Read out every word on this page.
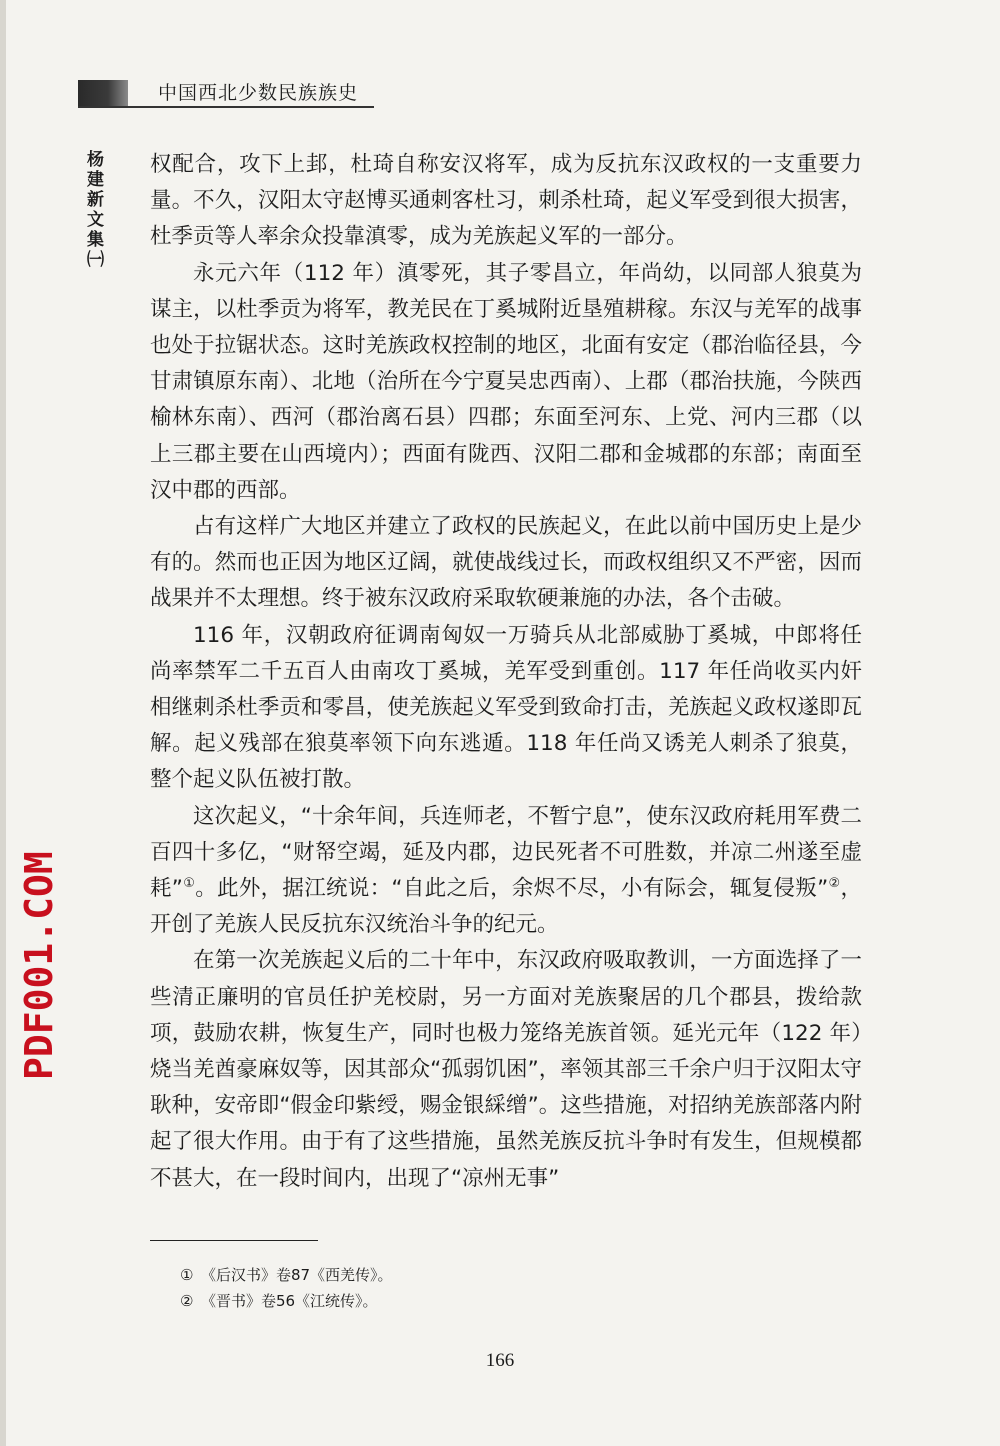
中国西北少数民族族史
杨建新文集㈠
PDF001.COM

权配合，攻下上邽，杜琦自称安汉将军，成为反抗东汉政权的一支重要力量。不久，汉阳太守赵博买通刺客杜习，刺杀杜琦，起义军受到很大损害，杜季贡等人率余众投靠滇零，成为羌族起义军的一部分。

永元六年（112 年）滇零死，其子零昌立，年尚幼，以同部人狼莫为谋主，以杜季贡为将军，教羌民在丁奚城附近垦殖耕稼。东汉与羌军的战事也处于拉锯状态。这时羌族政权控制的地区，北面有安定（郡治临径县，今甘肃镇原东南）、北地（治所在今宁夏吴忠西南）、上郡（郡治扶施，今陕西榆林东南）、西河（郡治离石县）四郡；东面至河东、上党、河内三郡（以上三郡主要在山西境内）；西面有陇西、汉阳二郡和金城郡的东部；南面至汉中郡的西部。

占有这样广大地区并建立了政权的民族起义，在此以前中国历史上是少有的。然而也正因为地区辽阔，就使战线过长，而政权组织又不严密，因而战果并不太理想。终于被东汉政府采取软硬兼施的办法，各个击破。

116 年，汉朝政府征调南匈奴一万骑兵从北部威胁丁奚城，中郎将任尚率禁军二千五百人由南攻丁奚城，羌军受到重创。117 年任尚收买内奸相继刺杀杜季贡和零昌，使羌族起义军受到致命打击，羌族起义政权遂即瓦解。起义残部在狼莫率领下向东逃遁。118 年任尚又诱羌人刺杀了狼莫，整个起义队伍被打散。

这次起义，“十余年间，兵连师老，不暂宁息”，使东汉政府耗用军费二百四十多亿，“财帑空竭，延及内郡，边民死者不可胜数，并凉二州遂至虚耗”①。此外，据江统说：“自此之后，余烬不尽，小有际会，辄复侵叛”②，开创了羌族人民反抗东汉统治斗争的纪元。

在第一次羌族起义后的二十年中，东汉政府吸取教训，一方面选择了一些清正廉明的官员任护羌校尉，另一方面对羌族聚居的几个郡县，拨给款项，鼓励农耕，恢复生产，同时也极力笼络羌族首领。延光元年（122 年）烧当羌酋豪麻奴等，因其部众“孤弱饥困”，率领其部三千余户归于汉阳太守耿种，安帝即“假金印紫绶，赐金银綵缯”。这些措施，对招纳羌族部落内附起了很大作用。由于有了这些措施，虽然羌族反抗斗争时有发生，但规模都不甚大，在一段时间内，出现了“凉州无事”

①　《后汉书》卷87《西羌传》。
②　《晋书》卷56《江统传》。
166
